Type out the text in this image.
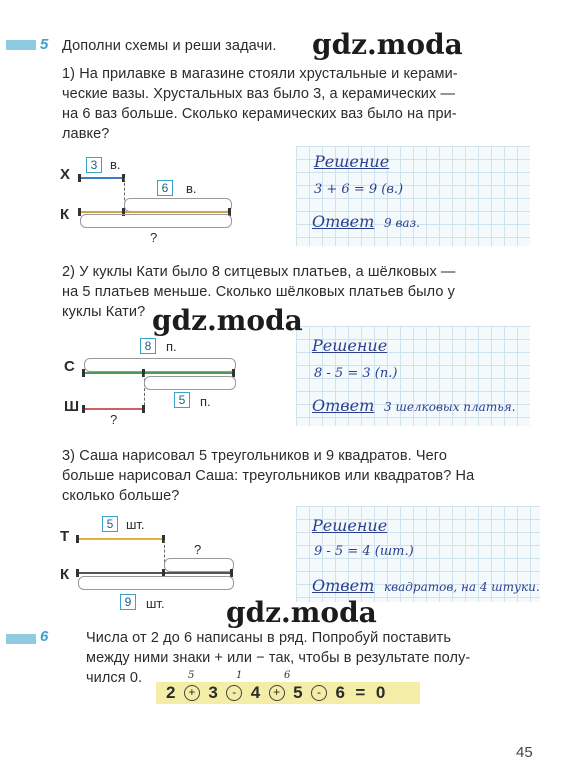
5 Дополни схемы и реши задачи.
1) На прилавке в магазине стояли хрустальные и керами-
ческие вазы. Хрустальных ваз было 3, а керамических —
на 6 ваз больше. Сколько керамических ваз было на при-
лавке?
Х
К
3 в.
6	в.
?
Решение
3 + 6 = 9 (в.)
Ответ 9 ваз.
2) У куклы Кати было 8 ситцевых платьев, а шёлковых —
на 5 платьев меньше. Сколько шёлковых платьев было у
куклы Кати?
С
Ш
8	п.
5	п.
?
Решение
8 - 5 = 3 (п.)
Ответ 3 шелковых платья.
3) Саша нарисовал 5 треугольников и 9 квадратов. Чего
больше нарисовал Саша: треугольников или квадратов? На
сколько больше?
Т
К
5 шт.
?
9	шт.
Решение
9 - 5 = 4 (шт.)
Ответ квадратов, на 4 штуки.
6	Числа от 2 до 6 написаны в ряд. Попробуй поставить
между ними знаки + или − так, чтобы в результате полу-
чился 0.	5	1	6
2 + 3 - 4 + 5 - 6 = 0
45
gdz.moda
gdz.moda
gdz.moda
